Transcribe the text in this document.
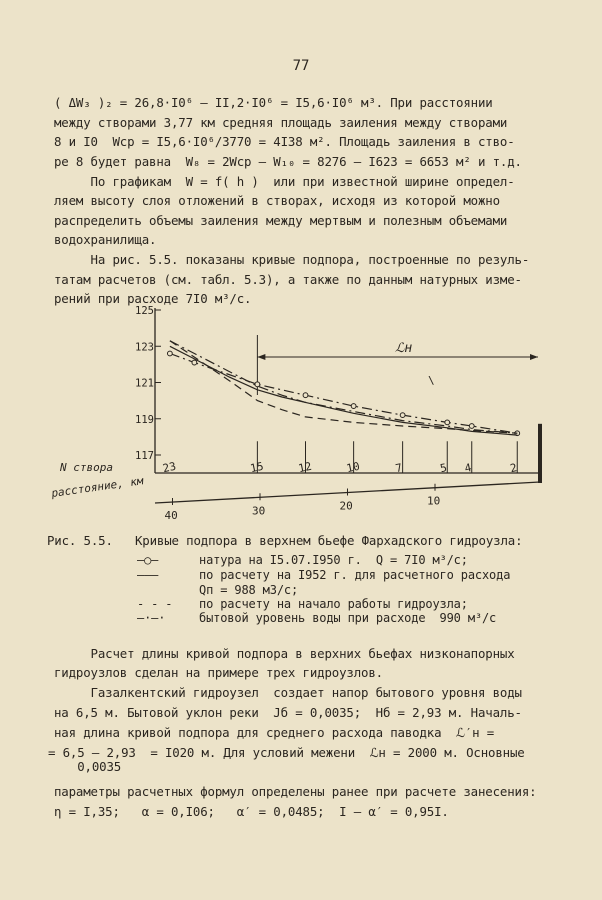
77
( ΔW₃ )₂ = 26,8·I0⁶ – II,2·I0⁶ = I5,6·I0⁶ м³. При расстоянии
между створами 3,77 км средняя площадь заиления между створами
8 и I0  Wср = I5,6·I0⁶/3770 = 4I38 м². Площадь заиления в ство-
ре 8 будет равна  W₈ = 2Wср – W₁₀ = 8276 – I623 = 6653 м² и т.д.
По графикам  W = f( h )  или при известной ширине определ-
ляем высоту слоя отложений в створах, исходя из которой можно
распределить объемы заиления между мертвым и полезным объемами
водохранилища.
На рис. 5.5. показаны кривые подпора, построенные по резуль-
татам расчетов (см. табл. 5.3), а также по данным натурных изме-
рений при расходе 7I0 м³/с.
125
123
121
119
117
23	15	12	10	7	5 4	2
N створа
40	30	20	10
расстояние, км
ℒн
\
Рис. 5.5. Кривые подпора в верхнем бьефе Фархадского гидроузла:
–○–	натура на I5.07.I950 г.  Q = 7I0 м³/с;
———	по расчету на I952 г. для расчетного расхода
Qп = 988 м3/с;
- - - по расчету на начало работы гидроузла;
–·–·	бытовой уровень воды при расходе  990 м³/с
Расчет длины кривой подпора в верхних бьефах низконапорных
гидроузлов сделан на примере трех гидроузлов.
Газалкентский гидроузел  создает напор бытового уровня воды
на 6,5 м. Бытовой уклон реки  Jб = 0,0035;  Hб = 2,93 м. Началь-
ная длина кривой подпора для среднего расхода паводка  ℒ′н =
= 6,5 – 2,93  = I020 м. Для условий межени  ℒн = 2000 м. Основные
0,0035
параметры расчетных формул определены ранее при расчете занесения:
η = I,35;   α = 0,I06;   α′ = 0,0485;  I – α′ = 0,95I.
